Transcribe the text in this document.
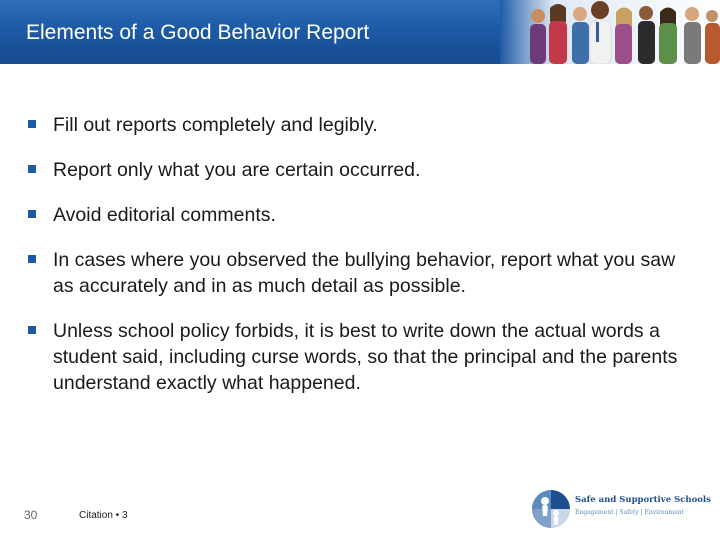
Elements of a Good Behavior Report
Fill out reports completely and legibly.
Report only what you are certain occurred.
Avoid editorial comments.
In cases where you observed the bullying behavior, report what you saw as accurately and in as much detail as possible.
Unless school policy forbids, it is best to write down the actual words a student said, including curse words, so that the principal and the parents understand exactly what happened.
30	Citation • 3
Safe and Supportive Schools
Engagement | Safety | Environment
